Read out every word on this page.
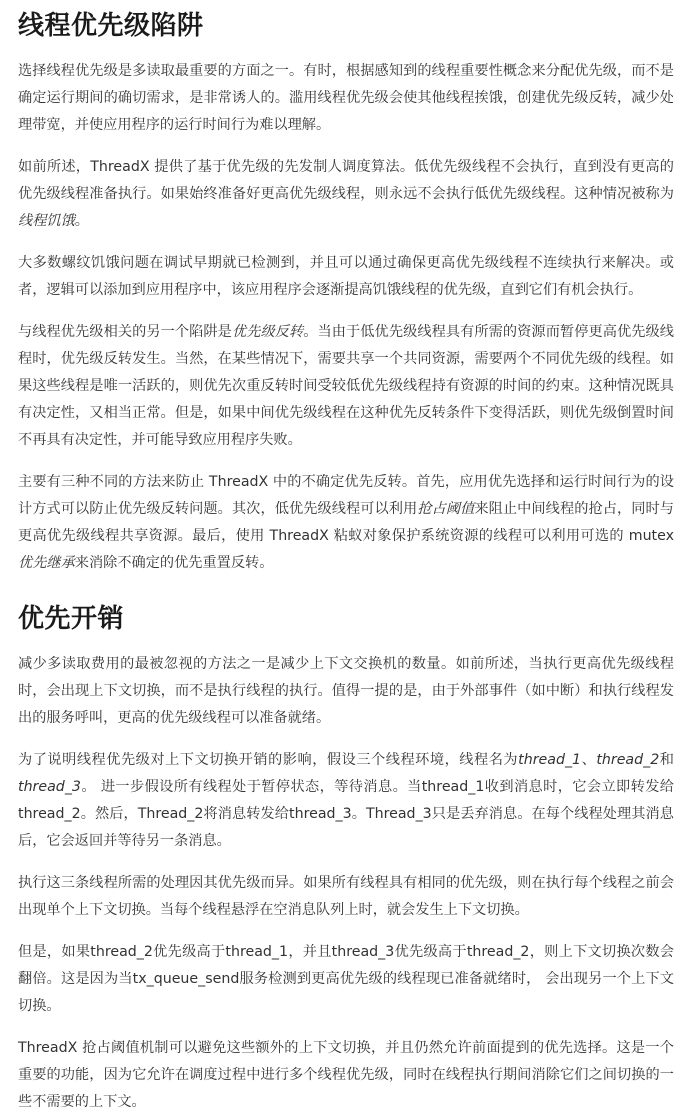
线程优先级陷阱

选择线程优先级是多读取最重要的方面之一。有时，根据感知到的线程重要性概念来分配优先级，而不是确定运行期间的确切需求，是非常诱人的。滥用线程优先级会使其他线程挨饿，创建优先级反转，减少处理带宽，并使应用程序的运行时间行为难以理解。

如前所述，ThreadX 提供了基于优先级的先发制人调度算法。低优先级线程不会执行，直到没有更高的优先级线程准备执行。如果始终准备好更高优先级线程，则永远不会执行低优先级线程。这种情况被称为线程饥饿。

大多数螺纹饥饿问题在调试早期就已检测到，并且可以通过确保更高优先级线程不连续执行来解决。或者，逻辑可以添加到应用程序中，该应用程序会逐渐提高饥饿线程的优先级，直到它们有机会执行。

与线程优先级相关的另一个陷阱是优先级反转。当由于低优先级线程具有所需的资源而暂停更高优先级线程时，优先级反转发生。当然，在某些情况下，需要共享一个共同资源，需要两个不同优先级的线程。如果这些线程是唯一活跃的，则优先次重反转时间受较低优先级线程持有资源的时间的约束。这种情况既具有决定性，又相当正常。但是，如果中间优先级线程在这种优先反转条件下变得活跃，则优先级倒置时间不再具有决定性，并可能导致应用程序失败。

主要有三种不同的方法来防止 ThreadX 中的不确定优先反转。首先，应用优先选择和运行时间行为的设计方式可以防止优先级反转问题。其次，低优先级线程可以利用抢占阈值来阻止中间线程的抢占，同时与更高优先级线程共享资源。最后，使用 ThreadX 粘蚁对象保护系统资源的线程可以利用可选的 mutex优先继承来消除不确定的优先重置反转。

优先开销

减少多读取费用的最被忽视的方法之一是减少上下文交换机的数量。如前所述，当执行更高优先级线程时，会出现上下文切换，而不是执行线程的执行。值得一提的是，由于外部事件（如中断）和执行线程发出的服务呼叫，更高的优先级线程可以准备就绪。

为了说明线程优先级对上下文切换开销的影响，假设三个线程环境，线程名为thread_1、thread_2和thread_3。 进一步假设所有线程处于暂停状态，等待消息。当thread_1收到消息时，它会立即转发给thread_2。然后，Thread_2将消息转发给thread_3。Thread_3只是丢弃消息。在每个线程处理其消息后，它会返回并等待另一条消息。

执行这三条线程所需的处理因其优先级而异。如果所有线程具有相同的优先级，则在执行每个线程之前会出现单个上下文切换。当每个线程悬浮在空消息队列上时，就会发生上下文切换。

但是，如果thread_2优先级高于thread_1，并且thread_3优先级高于thread_2，则上下文切换次数会翻倍。这是因为当tx_queue_send服务检测到更高优先级的线程现已准备就绪时， 会出现另一个上下文切换。

ThreadX 抢占阈值机制可以避免这些额外的上下文切换，并且仍然允许前面提到的优先选择。这是一个重要的功能，因为它允许在调度过程中进行多个线程优先级，同时在线程执行期间消除它们之间切换的一些不需要的上下文。
